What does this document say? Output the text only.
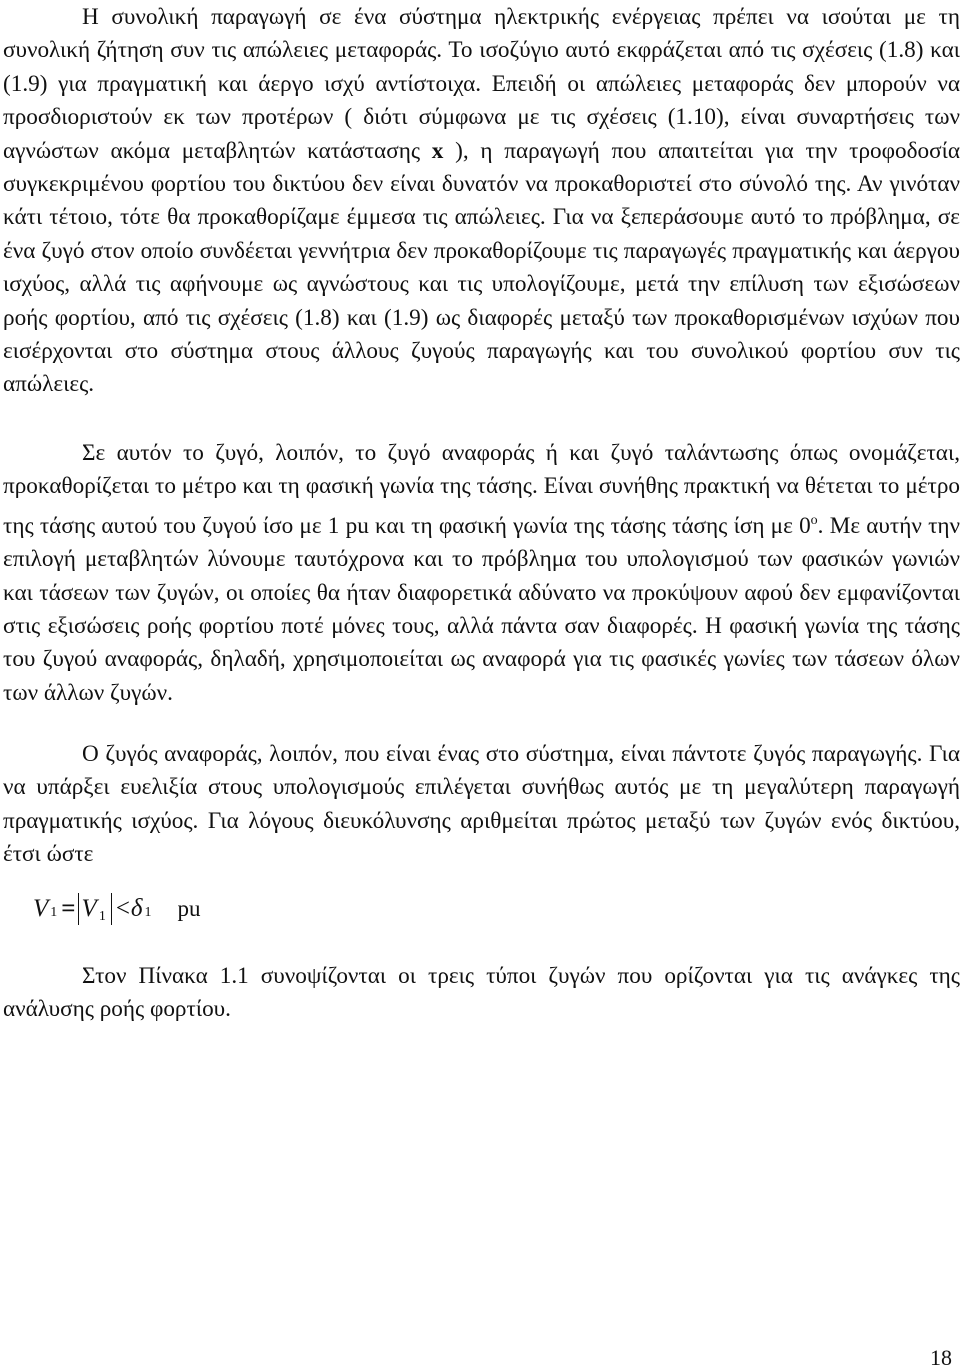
Η συνολική παραγωγή σε ένα σύστημα ηλεκτρικής ενέργειας πρέπει να ισούται με τη συνολική ζήτηση συν τις απώλειες μεταφοράς. Το ισοζύγιο αυτό εκφράζεται από τις σχέσεις (1.8) και (1.9) για πραγματική και άεργο ισχύ αντίστοιχα. Επειδή οι απώλειες μεταφοράς δεν μπορούν να προσδιοριστούν εκ των προτέρων ( διότι σύμφωνα με τις σχέσεις (1.10), είναι συναρτήσεις των αγνώστων ακόμα μεταβλητών κατάστασης x ), η παραγωγή που απαιτείται για την τροφοδοσία συγκεκριμένου φορτίου του δικτύου δεν είναι δυνατόν να προκαθοριστεί στο σύνολό της. Αν γινόταν κάτι τέτοιο, τότε θα προκαθορίζαμε έμμεσα τις απώλειες. Για να ξεπεράσουμε αυτό το πρόβλημα, σε ένα ζυγό στον οποίο συνδέεται γεννήτρια δεν προκαθορίζουμε τις παραγωγές πραγματικής και άεργου ισχύος, αλλά τις αφήνουμε ως αγνώστους και τις υπολογίζουμε, μετά την επίλυση των εξισώσεων ροής φορτίου, από τις σχέσεις (1.8) και (1.9) ως διαφορές μεταξύ των προκαθορισμένων ισχύων που εισέρχονται στο σύστημα στους άλλους ζυγούς παραγωγής και του συνολικού φορτίου συν τις απώλειες.

Σε αυτόν το ζυγό, λοιπόν, το ζυγό αναφοράς ή και ζυγό ταλάντωσης όπως ονομάζεται, προκαθορίζεται το μέτρο και τη φασική γωνία της τάσης. Είναι συνήθης πρακτική να θέτεται το μέτρο της τάσης αυτού του ζυγού ίσο με 1 pu και τη φασική γωνία της τάσης τάσης ίση με $0^o$. Με αυτήν την επιλογή μεταβλητών λύνουμε ταυτόχρονα και το πρόβλημα του υπολογισμού των φασικών γωνιών και τάσεων των ζυγών, οι οποίες θα ήταν διαφορετικά αδύνατο να προκύψουν αφού δεν εμφανίζονται στις εξισώσεις ροής φορτίου ποτέ μόνες τους, αλλά πάντα σαν διαφορές. Η φασική γωνία της τάσης του ζυγού αναφοράς, δηλαδή, χρησιμοποιείται ως αναφορά για τις φασικές γωνίες των τάσεων όλων των άλλων ζυγών.

Ο ζυγός αναφοράς, λοιπόν, που είναι ένας στο σύστημα, είναι πάντοτε ζυγός παραγωγής. Για να υπάρξει ευελιξία στους υπολογισμούς επιλέγεται συνήθως αυτός με τη μεγαλύτερη παραγωγή πραγματικής ισχύος. Για λόγους διευκόλυνσης αριθμείται πρώτος μεταξύ των ζυγών ενός δικτύου, έτσι ώστε

V 1 = V 1 < δ 1 pu

Στον Πίνακα 1.1 συνοψίζονται οι τρεις τύποι ζυγών που ορίζονται για τις ανάγκες της ανάλυσης ροής φορτίου.

18
